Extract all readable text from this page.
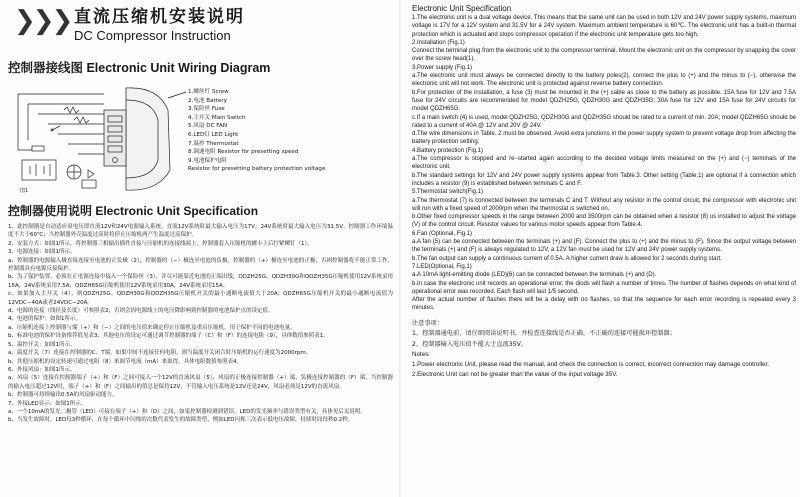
❯❯❯ 直流压缩机安装说明
DC Compressor Instruction
控制器接线图 Electronic Unit Wiring Diagram
图1
1.螺丝钉 Screw
2.电池 Battery
3.保险丝 Fuse
4.主开关 Main Switch
5.风扇 DC FAN
6.LED灯 LED Light
7.温控 Thermostat
8.调速电阻 Resistor for presetting speed
9.电池保护电阻
Resistor for presetting battery protection voltage
控制器使用说明 Electronic Unit Specification

1、此控制器是自动适应双电压即直流12V和24V电源输入系统，直流12V系统时最大输入电压为17V，24V系统时最大输入电压为31.5V。控制器工作环境温度不大于60℃；当控制器外壳温度过高时将停止压缩机两产生温度过高保护。

2、安装方式：如图1所示，将控制器三相输出插件直接与压缩机的连接线端上，控制器套入压缩机的螺卡上后拧紧螺钉（1）。

3、电源连接：如图1所示。

a、控制器的电源输入极直接连接至电池的正负极（2），控制器的（−）极连至电池的负极，控制器的（+）极连至电池的正极，否则控制器将不能正常工作，控制器具有电源反接保护。

b、为了保护装置，必须在正电源连接中接入一个保险丝（3），并尽可能靠近电池的正端出线，QDZH25G、QDZH30G和QDZH35G压缩机使用12V系统采用15A，24V系统采用7.5A；QDZH65G压缩机使用12V系统采用30A，24V系统采用15A。

c、如果加入主开关（4），则QDZH25G、QDZH30G和QDZH35G压缩机开关的最小通断电流值大于20A；QDZH65G压缩机开关的最小通断电流值为12VDC−40A或者24VDC−20A。

d、电源的连接（线径及长度）可参照表2，否则会因电源线上的电压降影响到控制器的电池保护点的设定值。

4、电池的保护：如图1所示。

a、压缩机连接上控制器与端（+）和（−）之间的电压值来确定停止压缩机及重启压缩机，用于保护不同的电池电量。

b、标准电池的保护设备推荐值见表3；其他电压的设定可通过调节控制器的端子（C）和（F）的连接电阻（9），具体数值参照表1。

5、温控开关：如图1所示。

a、温度开关（7）连接在控制器的C、T端，如果中间不连接任何电阻，则当温度开关闭合时压缩机的运行速度为2000rpm。

b、其他压缩机的设定转速可通过电阻（8）来调节电流（mA）来取得，具体电阻数值参照表4。

6、外接风扇：如图1所示。

a、风扇（5）连接在控制器端子（+）和（F）之间可接入一个12V的直流风扇（5），风扇的正极连接控制器（+）端，负极连接控制器的（F）端，当控制器的输入电压超过12V时，端子（+）和（F）之间输出的值总是保持12V，不管输入电压系统是12V还是24V，风扇必须是12V的直流风扇。

b、控制器可持续输出0.5A的风扇驱动能力。

7、外接LED显示：如图1所示。

a、一个10mA的发光二极管（LED）可接在端子（+）和（D）之间，如果控制器检测到错误，LED的发光频率与错误类型有关，具体见后页说明。

b、当发生故障时，LED每3秒循环，在每个循环中闪烁的次数代表发生的故障类型，例如LED闪烁三次表示低电压故障，持续时间每秒0.2秒。

Electronic Unit Specification

1.The electronic unit is a dual voltage device. This means that the same unit can be used in both 12V and 24V power supply systems, maximum voltage is 17V for a 12V system and 31.5V for a 24V system. Maximum ambient temperature is 60℃. The electronic unit has a built-in thermal protection which is actuated and stops compressor operation if the electronic unit temperature gets too high.

2.Installation (Fig.1)

Connect the terminal plug from the electronic unit to the compressor terminal. Mount the electronic unit on the compressor by snapping the cover over the screw head(1).

3.Power supply (Fig.1)

a.The electronic unit must always be connected directly to the battery poles(2), connect the plus to (+) and the minus to (−), otherwise the electronic unit will not work. The electronic unit is protected against reverse battery connection.

b.For protection of the installation, a fuse (3) must be mounted in the (+) cable as close to the battery as possible. 15A fuse for 12V and 7.5A fuse for 24V circuits are recommended for model QDZH25G, QDZH30G and QDZH35G; 30A fuse for 12V and 15A fuse for 24V circuits for model QDZH65G.

c.If a main switch (4) is used, model QDZH25G, QDZH30G and QDZH35G should be rated to a current of min. 20A; model QDZH65G should be rated to a current of 40A @ 12V and 20V @ 24V.

d.The wire dimensions in Table. 2 must be observed. Avoid extra junctions in the power supply system to prevent voltage drop from affecting the battery protection setting.

4.Battery protection (Fig.1)

a.The compressor is stopped and re−started again according to the decided voltage limits measured on the (+) and (−) terminals of the electronic unit.

b.The standard settings for 12V and 24V power supply systems appear from Table.3. Other setting (Table.1) are optional if a connection which includes a resistor (9) is established between terminals C and F.

5.Thermostat switch(Fig.1)

a.The thermostat (7) is connected between the terminals C and T. Without any resistor in the control circuit, the compressor with electronic unit will run with a fixed speed of 2000rpm when the thermostat is switched on.

b.Other fixed compressor speeds in the range between 2000 and 3500rpm can be obtained when a resistor (8) us installed to adjust the voltage (V) of the control circuit. Resistor values for various motor speeds appear from Table.4.

6.Fan (Optional, Fig.1)

a.A fan (5) can be connected between the terminals (+) and (F). Connect the plus to (+) and the minus to (F). Since the output voltage between the terminals (+) and (F) is always regulated to 12V, a 12V fan must be used for 12V and 24V power supply systems.

b.The fan output can supply a continuous current of 0.5A. A higher current draw is allowed for 2 seconds during start.

7.LED(Optional, Fig.1)

a.A 10mA light-emitting diode (LED)(6) can be connected between the terminals (+) and (D).

b.In case the electronic unit records an operational error, the diods will flash a number of times. The number of flashes depends on what kind of operational error was recorded. Each flash will last 1/5 second.

After the actual number of flashes there will be a delay with no flashes, so that the sequence for each error recording is repeated every 3 minutes.

注意事项：
1、控制器通电前，请仔细阅读说明书，并检查连接线是否正确，不正确的连接可能损坏控制器；
2、控制器输入电压值不能大于直流35V。
Notes:
1.Power electronic Unit, please read the manual, and check the connection is correct, incorrect connection may damage controller.
2.Electronic Unit can not be greater than the value of the input voltage 35V.
